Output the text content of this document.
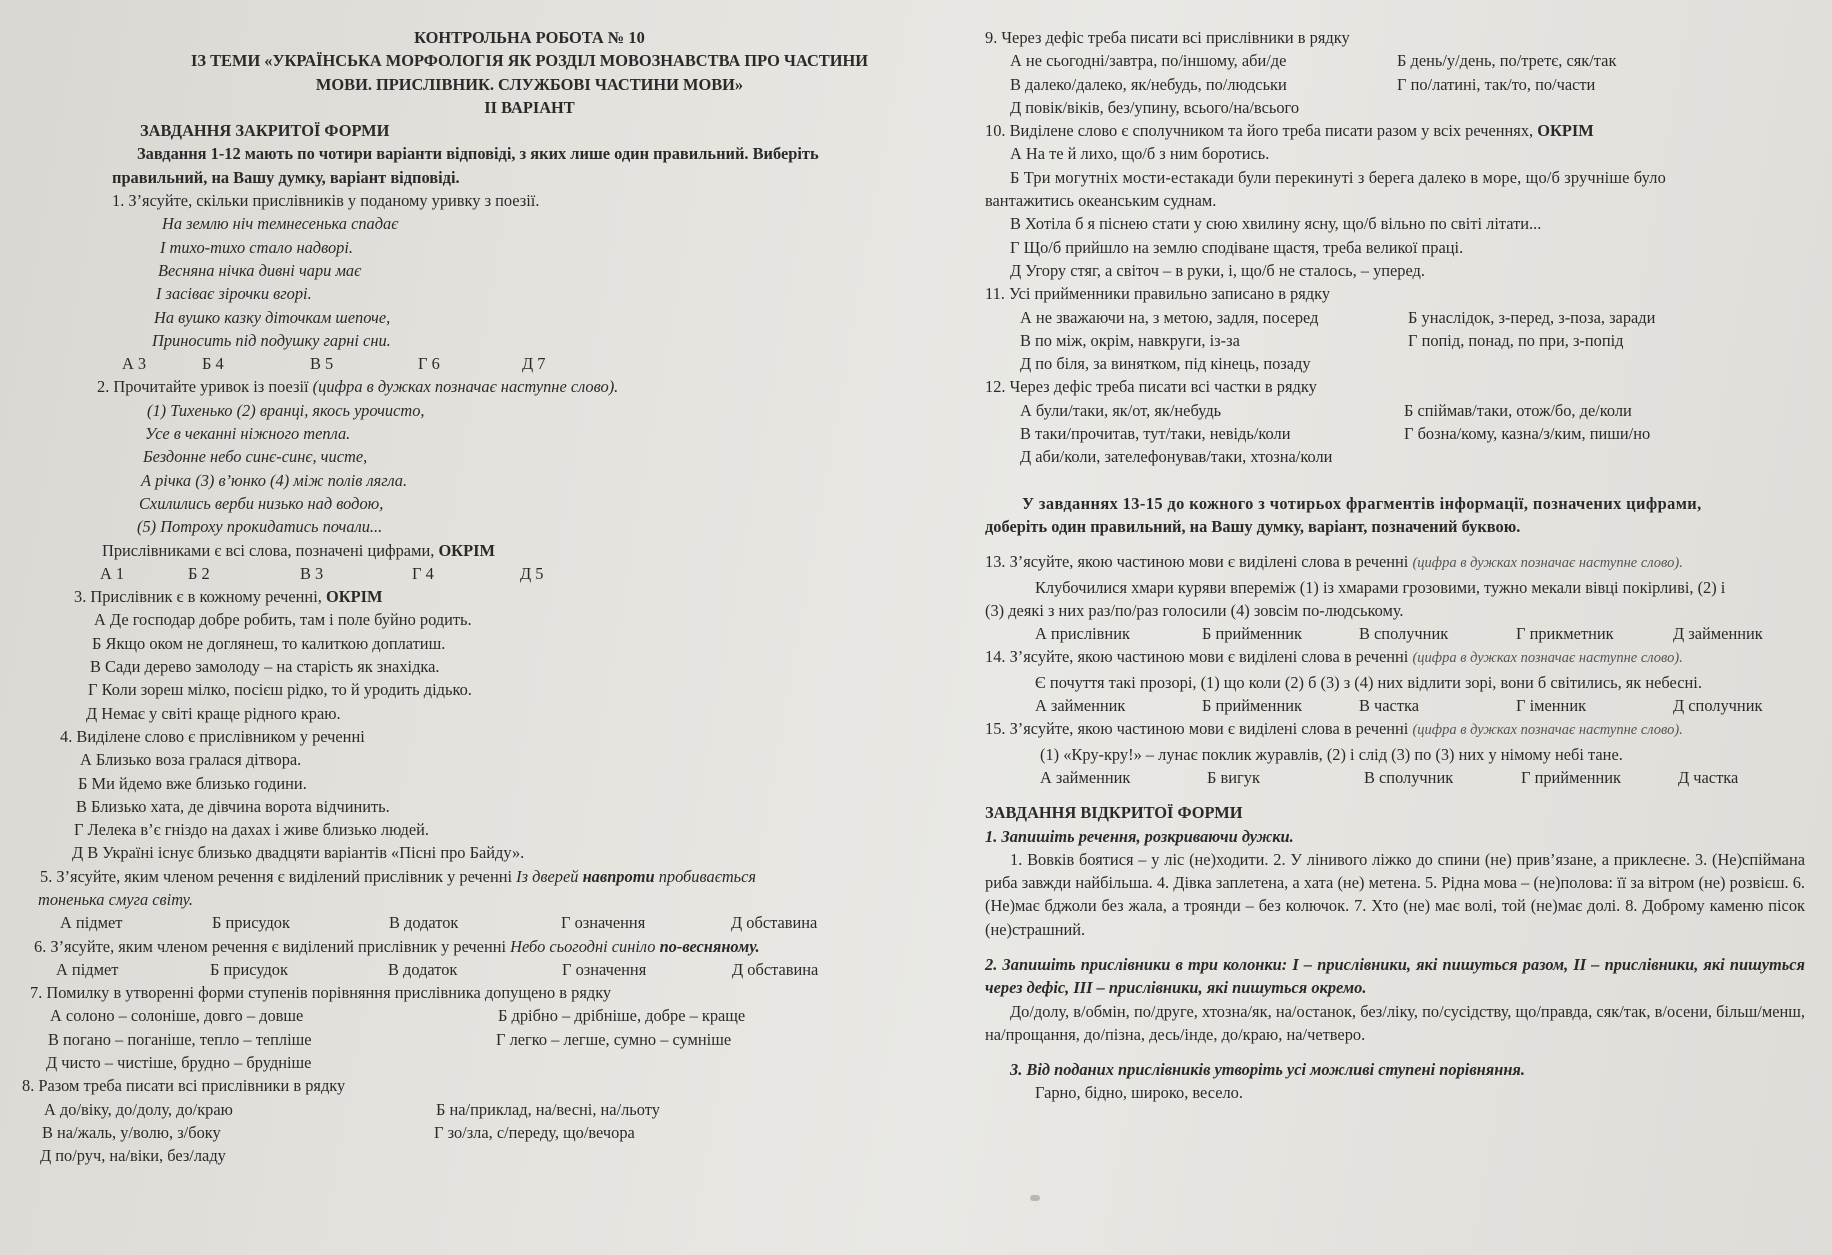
КОНТРОЛЬНА РОБОТА № 10
ІЗ ТЕМИ «УКРАЇНСЬКА МОРФОЛОГІЯ ЯК РОЗДІЛ МОВОЗНАВСТВА ПРО ЧАСТИНИ
МОВИ. ПРИСЛІВНИК. СЛУЖБОВІ ЧАСТИНИ МОВИ»
ІІ ВАРІАНТ
ЗАВДАННЯ ЗАКРИТОЇ ФОРМИ
Завдання 1-12 мають по чотири варіанти відповіді, з яких лише один правильний. Виберіть
правильний, на Вашу думку, варіант відповіді.
1. З’ясуйте, скільки прислівників у поданому уривку з поезії.
На землю ніч темнесенька спадає
І тихо-тихо стало надворі.
Весняна нічка дивні чари має
І засіває зірочки вгорі.
На вушко казку діточкам шепоче,
Приносить під подушку гарні сни.
А 3	Б 4	В 5	Г 6	Д 7
2. Прочитайте уривок із поезії (цифра в дужках позначає наступне слово).
(1) Тихенько (2) вранці, якось урочисто,
Усе в чеканні ніжного тепла.
Бездонне небо синє-синє, чисте,
А річка (3) в’юнко (4) між полів лягла.
Схилились верби низько над водою,
(5) Потроху прокидатись почали...
Прислівниками є всі слова, позначені цифрами, ОКРІМ
А 1	Б 2	В 3	Г 4	Д 5
3. Прислівник є в кожному реченні, ОКРІМ
А Де господар добре робить, там і поле буйно родить.
Б Якщо оком не доглянеш, то калиткою доплатиш.
В Сади дерево замолоду – на старість як знахідка.
Г Коли зореш мілко, посієш рідко, то й уродить дідько.
Д Немає у світі краще рідного краю.
4. Виділене слово є прислівником у реченні
А Близько воза гралася дітвора.
Б Ми йдемо вже близько години.
В Близько хата, де дівчина ворота відчинить.
Г Лелека в’є гніздо на дахах і живе близько людей.
Д В Україні існує близько двадцяти варіантів «Пісні про Байду».
5. З’ясуйте, яким членом речення є виділений прислівник у реченні Із дверей навпроти пробивається
тоненька смуга світу.
А підмет	Б присудок	В додаток	Г означення	Д обставина
6. З’ясуйте, яким членом речення є виділений прислівник у реченні Небо сьогодні синіло по-весняному.
А підмет	Б присудок	В додаток	Г означення	Д обставина
7. Помилку в утворенні форми ступенів порівняння прислівника допущено в рядку
А солоно – солоніше, довго – довше	Б дрібно – дрібніше, добре – краще
В погано – поганіше, тепло – тепліше	Г легко – легше, сумно – сумніше
Д чисто – чистіше, брудно – брудніше
8. Разом треба писати всі прислівники в рядку
А до/віку, до/долу, до/краю	Б на/приклад, на/весні, на/льоту
В на/жаль, у/волю, з/боку	Г зо/зла, с/переду, що/вечора
Д по/руч, на/віки, без/ладу
9. Через дефіс треба писати всі прислівники в рядку
А не сьогодні/завтра, по/іншому, аби/де	Б день/у/день, по/третє, сяк/так
В далеко/далеко, як/небудь, по/людськи	Г по/латині, так/то, по/части
Д повік/віків, без/упину, всього/на/всього
10. Виділене слово є сполучником та його треба писати разом у всіх реченнях, ОКРІМ
А На те й лихо, що/б з ним боротись.
Б Три могутніх мости-естакади були перекинуті з берега далеко в море, що/б зручніше було
вантажитись океанським суднам.
В Хотіла б я піснею стати у сюю хвилину ясну, що/б вільно по світі літати...
Г Що/б прийшло на землю сподіване щастя, треба великої праці.
Д Угору стяг, а світоч – в руки, і, що/б не сталось, – уперед.
11. Усі прийменники правильно записано в рядку
А не зважаючи на, з метою, задля, посеред	Б унаслідок, з-перед, з-поза, заради
В по між, окрім, навкруги, із-за	Г попід, понад, по при, з-попід
Д по біля, за винятком, під кінець, позаду
12. Через дефіс треба писати всі частки в рядку
А були/таки, як/от, як/небудь	Б спіймав/таки, отож/бо, де/коли
В таки/прочитав, тут/таки, невідь/коли	Г бозна/кому, казна/з/ким, пиши/но
Д аби/коли, зателефонував/таки, хтозна/коли
У завданнях 13-15 до кожного з чотирьох фрагментів інформації, позначених цифрами,
доберіть один правильний, на Вашу думку, варіант, позначений буквою.
13. З’ясуйте, якою частиною мови є виділені слова в реченні (цифра в дужках позначає наступне слово).
Клубочилися хмари куряви впереміж (1) із хмарами грозовими, тужно мекали вівці покірливі, (2) і
(3) деякі з них раз/по/раз голосили (4) зовсім по-людському.
А прислівник	Б прийменник	В сполучник	Г прикметник	Д займенник
14. З’ясуйте, якою частиною мови є виділені слова в реченні (цифра в дужках позначає наступне слово).
Є почуття такі прозорі, (1) що коли (2) б (3) з (4) них відлити зорі, вони б світились, як небесні.
А займенник	Б прийменник	В частка	Г іменник	Д сполучник
15. З’ясуйте, якою частиною мови є виділені слова в реченні (цифра в дужках позначає наступне слово).
(1) «Кру-кру!» – лунає поклик журавлів, (2) і слід (3) по (3) них у німому небі тане.
А займенник	Б вигук	В сполучник	Г прийменник	Д частка
ЗАВДАННЯ ВІДКРИТОЇ ФОРМИ
1. Запишіть речення, розкриваючи дужки.
1. Вовків боятися – у ліс (не)ходити. 2. У лінивого ліжко до спини (не) прив’язане, а приклеєне. 3. (Не)спіймана риба завжди найбільша. 4. Дівка заплетена, а хата (не) метена. 5. Рідна мова – (не)полова: її за вітром (не) розвієш. 6. (Не)має бджоли без жала, а троянди – без колючок. 7. Хто (не) має волі, той (не)має долі. 8. Доброму каменю пісок (не)страшний.
2. Запишіть прислівники в три колонки: І – прислівники, які пишуться разом, ІІ – прислівники, які пишуться через дефіс, ІІІ – прислівники, які пишуться окремо.
До/долу, в/обмін, по/друге, хтозна/як, на/останок, без/ліку, по/сусідству, що/правда, сяк/так, в/осени, більш/менш, на/прощання, до/пізна, десь/інде, до/краю, на/четверо.
3. Від поданих прислівників утворіть усі можливі ступені порівняння.
Гарно, бідно, широко, весело.
